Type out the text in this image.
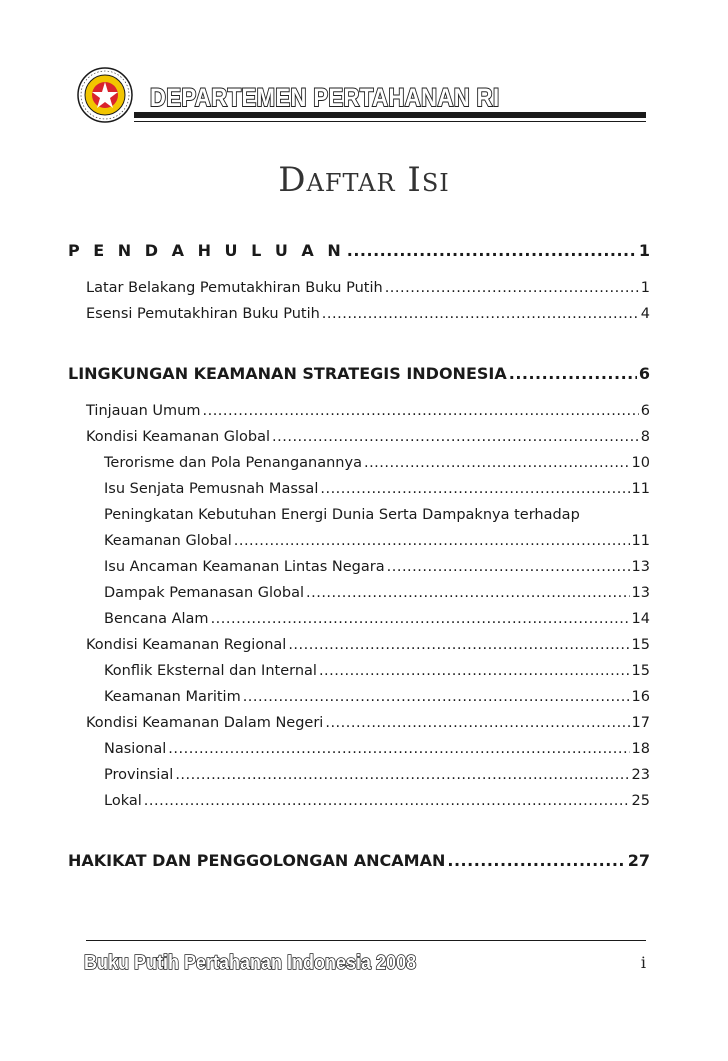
DEPARTEMEN PERTAHANAN RI
Daftar Isi
P E N D A H U L U A N .....	1
Latar Belakang Pemutakhiran Buku Putih .....	1
Esensi Pemutakhiran Buku Putih .....	4
LINGKUNGAN KEAMANAN STRATEGIS INDONESIA .....	6
Tinjauan Umum .....	6
Kondisi Keamanan Global .....	8
Terorisme dan Pola Penanganannya .....	10
Isu Senjata Pemusnah Massal .....	11
Peningkatan Kebutuhan Energi Dunia Serta Dampaknya terhadap
Keamanan Global .....	11
Isu Ancaman Keamanan Lintas Negara .....	13
Dampak Pemanasan Global .....	13
Bencana Alam .....	14
Kondisi Keamanan Regional .....	15
Konflik Eksternal dan Internal .....	15
Keamanan Maritim .....	16
Kondisi Keamanan Dalam Negeri .....	17
Nasional .....	18
Provinsial .....	23
Lokal .....	25
HAKIKAT DAN PENGGOLONGAN ANCAMAN .....	27
Buku Putih Pertahanan Indonesia 2008	i
